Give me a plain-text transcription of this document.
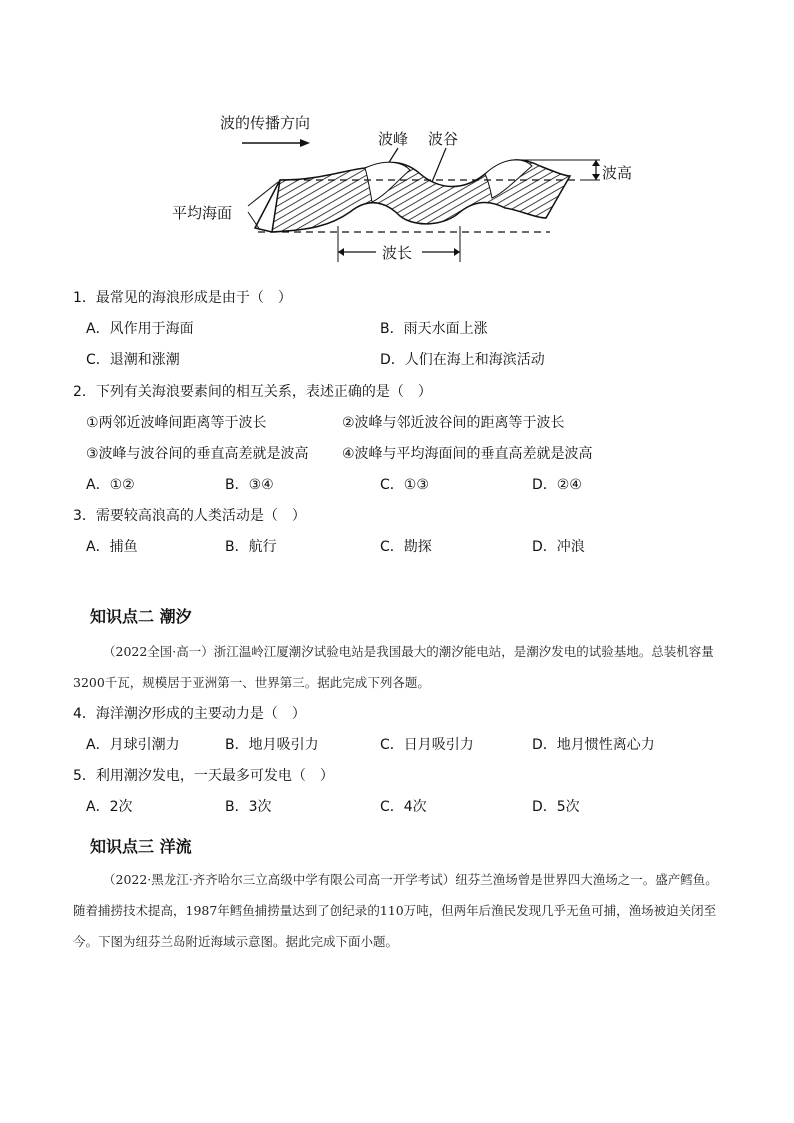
波的传播方向
波峰 波谷
波高
平均海面
波长
1．最常见的海浪形成是由于（　）
A．风作用于海面	B．雨天水面上涨
C．退潮和涨潮	D．人们在海上和海滨活动
2．下列有关海浪要素间的相互关系，表述正确的是（　）
①两邻近波峰间距离等于波长	②波峰与邻近波谷间的距离等于波长
③波峰与波谷间的垂直高差就是波高 ④波峰与平均海面间的垂直高差就是波高
A．①②	B．③④	C．①③	D．②④
3．需要较高浪高的人类活动是（　）
A．捕鱼	B．航行	C．勘探	D．冲浪
知识点二 潮汐
（2022全国·高一）浙江温岭江厦潮汐试验电站是我国最大的潮汐能电站，是潮汐发电的试验基地。总装机容量3200千瓦，规模居于亚洲第一、世界第三。据此完成下列各题。
4．海洋潮汐形成的主要动力是（　）
A．月球引潮力	B．地月吸引力	C．日月吸引力	D．地月惯性离心力
5．利用潮汐发电，一天最多可发电（　）
A．2次	B．3次	C．4次	D．5次
知识点三 洋流
（2022·黑龙江·齐齐哈尔三立高级中学有限公司高一开学考试）纽芬兰渔场曾是世界四大渔场之一。盛产鳕鱼。随着捕捞技术提高，1987年鳕鱼捕捞量达到了创纪录的110万吨，但两年后渔民发现几乎无鱼可捕，渔场被迫关闭至今。下图为纽芬兰岛附近海域示意图。据此完成下面小题。
